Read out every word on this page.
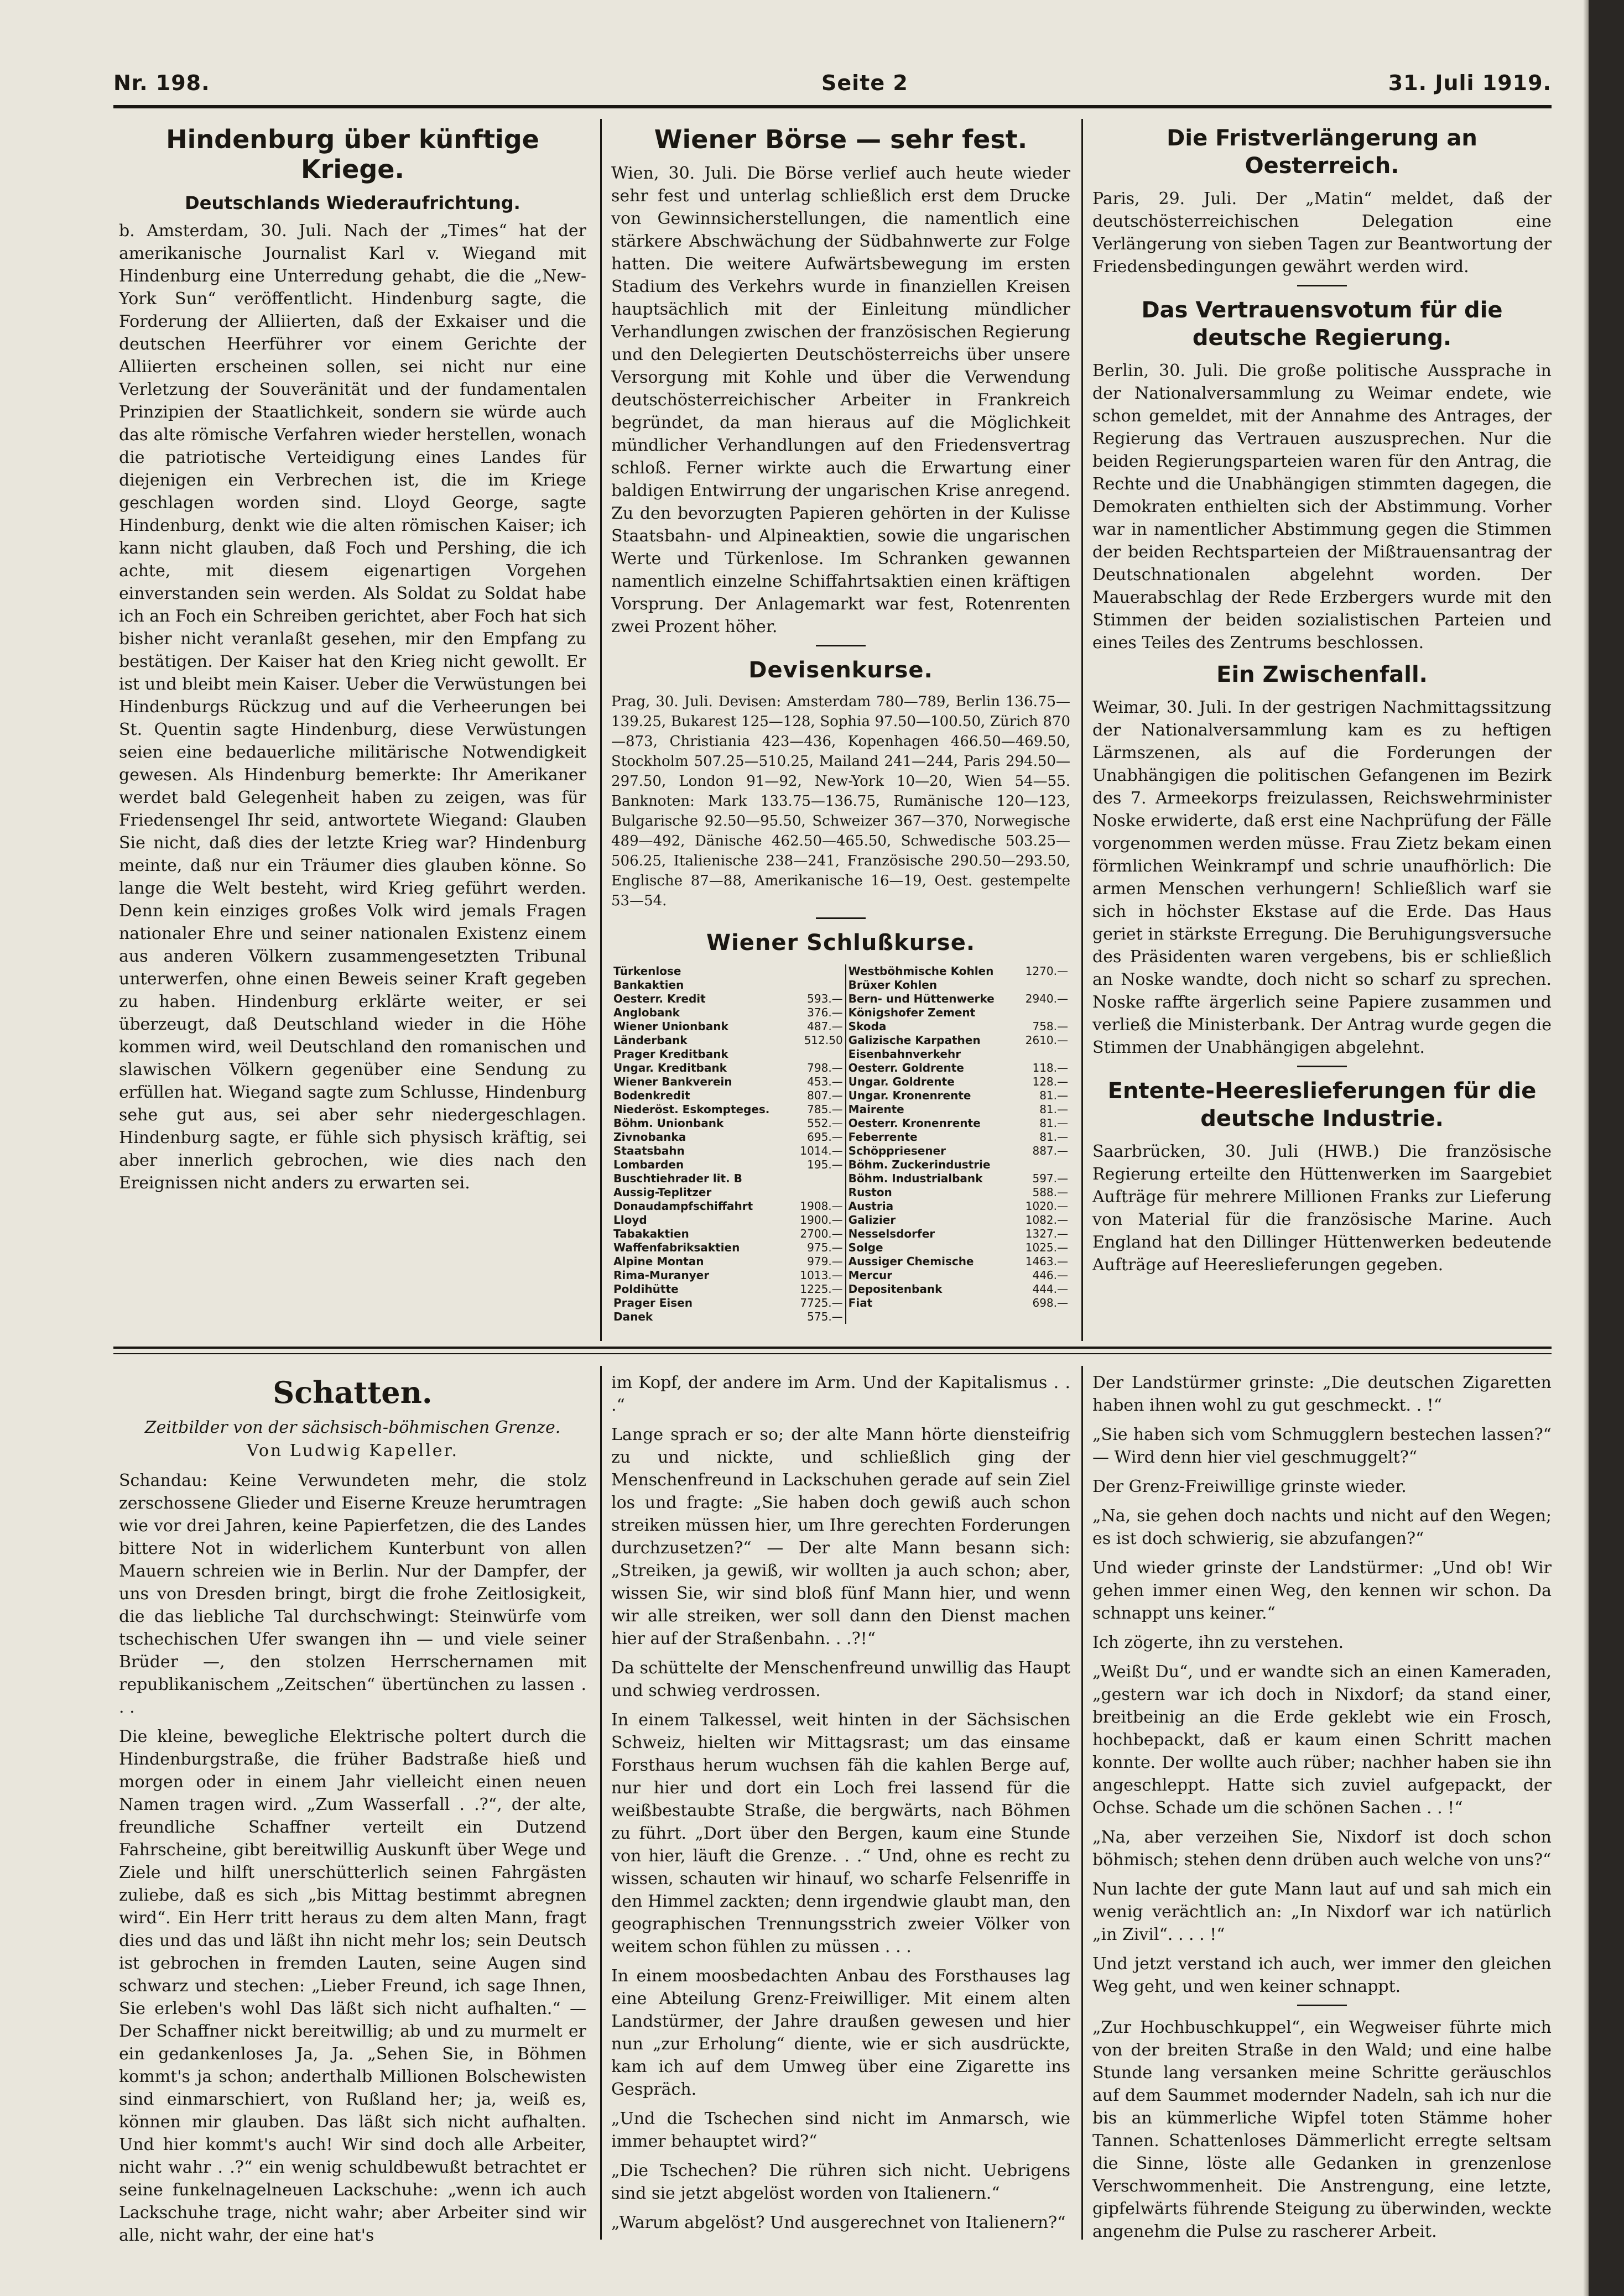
Nr. 198.	Seite 2	31. Juli 1919.
Hindenburg über künftige Kriege.
Deutschlands Wiederaufrichtung.

b. Amsterdam, 30. Juli. Nach der „Times“ hat der amerikanische Journalist Karl v. Wiegand mit Hindenburg eine Unterredung gehabt, die die „New-York Sun“ veröffentlicht. Hindenburg sagte, die Forderung der Alliierten, daß der Exkaiser und die deutschen Heerführer vor einem Gerichte der Alliierten erscheinen sollen, sei nicht nur eine Verletzung der Souveränität und der fundamentalen Prinzipien der Staatlichkeit, sondern sie würde auch das alte römische Verfahren wieder herstellen, wonach die patriotische Verteidigung eines Landes für diejenigen ein Verbrechen ist, die im Kriege geschlagen worden sind. Lloyd George, sagte Hindenburg, denkt wie die alten römischen Kaiser; ich kann nicht glauben, daß Foch und Pershing, die ich achte, mit diesem eigenartigen Vorgehen einverstanden sein werden. Als Soldat zu Soldat habe ich an Foch ein Schreiben gerichtet, aber Foch hat sich bisher nicht veranlaßt gesehen, mir den Empfang zu bestätigen. Der Kaiser hat den Krieg nicht gewollt. Er ist und bleibt mein Kaiser. Ueber die Verwüstungen bei Hindenburgs Rückzug und auf die Verheerungen bei St. Quentin sagte Hindenburg, diese Verwüstungen seien eine bedauerliche militärische Notwendigkeit gewesen. Als Hindenburg bemerkte: Ihr Amerikaner werdet bald Gelegenheit haben zu zeigen, was für Friedensengel Ihr seid, antwortete Wiegand: Glauben Sie nicht, daß dies der letzte Krieg war? Hindenburg meinte, daß nur ein Träumer dies glauben könne. So lange die Welt besteht, wird Krieg geführt werden. Denn kein einziges großes Volk wird jemals Fragen nationaler Ehre und seiner nationalen Existenz einem aus anderen Völkern zusammengesetzten Tribunal unterwerfen, ohne einen Beweis seiner Kraft gegeben zu haben. Hindenburg erklärte weiter, er sei überzeugt, daß Deutschland wieder in die Höhe kommen wird, weil Deutschland den romanischen und slawischen Völkern gegenüber eine Sendung zu erfüllen hat. Wiegand sagte zum Schlusse, Hindenburg sehe gut aus, sei aber sehr niedergeschlagen. Hindenburg sagte, er fühle sich physisch kräftig, sei aber innerlich gebrochen, wie dies nach den Ereignissen nicht anders zu erwarten sei.

Wiener Börse — sehr fest.

Wien, 30. Juli. Die Börse verlief auch heute wieder sehr fest und unterlag schließlich erst dem Drucke von Gewinnsicherstellungen, die namentlich eine stärkere Abschwächung der Südbahnwerte zur Folge hatten. Die weitere Aufwärtsbewegung im ersten Stadium des Verkehrs wurde in finanziellen Kreisen hauptsächlich mit der Einleitung mündlicher Verhandlungen zwischen der französischen Regierung und den Delegierten Deutschösterreichs über unsere Versorgung mit Kohle und über die Verwendung deutschösterreichischer Arbeiter in Frankreich begründet, da man hieraus auf die Möglichkeit mündlicher Verhandlungen auf den Friedensvertrag schloß. Ferner wirkte auch die Erwartung einer baldigen Entwirrung der ungarischen Krise anregend. Zu den bevorzugten Papieren gehörten in der Kulisse Staatsbahn- und Alpineaktien, sowie die ungarischen Werte und Türkenlose. Im Schranken gewannen namentlich einzelne Schiffahrtsaktien einen kräftigen Vorsprung. Der Anlagemarkt war fest, Rotenrenten zwei Prozent höher.

Devisenkurse.

Prag, 30. Juli. Devisen: Amsterdam 780—789, Berlin 136.75—139.25, Bukarest 125—128, Sophia 97.50—100.50, Zürich 870—873, Christiania 423—436, Kopenhagen 466.50—469.50, Stockholm 507.25—510.25, Mailand 241—244, Paris 294.50—297.50, London 91—92, New-York 10—20, Wien 54—55. Banknoten: Mark 133.75—136.75, Rumänische 120—123, Bulgarische 92.50—95.50, Schweizer 367—370, Norwegische 489—492, Dänische 462.50—465.50, Schwedische 503.25—506.25, Italienische 238—241, Französische 290.50—293.50, Englische 87—88, Amerikanische 16—19, Oest. gestempelte 53—54.

Wiener Schlußkurse.
Türkenlose		Westböhmische Kohlen	1270.—
Bankaktien		Brüxer Kohlen	
Oesterr. Kredit	593.—	Bern- und Hüttenwerke	2940.—
Anglobank	376.—	Königshofer Zement	
Wiener Unionbank	487.—	Skoda	758.—
Länderbank	512.50	Galizische Karpathen	2610.—
Prager Kreditbank		Eisenbahnverkehr	
Ungar. Kreditbank	798.—	Oesterr. Goldrente	118.—
Wiener Bankverein	453.—	Ungar. Goldrente	128.—
Bodenkredit	807.—	Ungar. Kronenrente	81.—
Niederöst. Eskompteges.	785.—	Mairente	81.—
Böhm. Unionbank	552.—	Oesterr. Kronenrente	81.—
Zivnobanka	695.—	Feberrente	81.—
Staatsbahn	1014.—	Schöppriesener	887.—
Lombarden	195.—	Böhm. Zuckerindustrie	
Buschtiehrader lit. B		Böhm. Industrialbank	597.—
Aussig-Teplitzer		Ruston	588.—
Donaudampfschiffahrt	1908.—	Austria	1020.—
Lloyd	1900.—	Galizier	1082.—
Tabakaktien	2700.—	Nesselsdorfer	1327.—
Waffenfabriksaktien	975.—	Solge	1025.—
Alpine Montan	979.—	Aussiger Chemische	1463.—
Rima-Muranyer	1013.—	Mercur	446.—
Poldihütte	1225.—	Depositenbank	444.—
Prager Eisen	7725.—	Fiat	698.—
Danek	575.—		
Die Fristverlängerung an Oesterreich.

Paris, 29. Juli. Der „Matin“ meldet, daß der deutschösterreichischen Delegation eine Verlängerung von sieben Tagen zur Beantwortung der Friedensbedingungen gewährt werden wird.

Das Vertrauensvotum für die deutsche Regierung.

Berlin, 30. Juli. Die große politische Aussprache in der Nationalversammlung zu Weimar endete, wie schon gemeldet, mit der Annahme des Antrages, der Regierung das Vertrauen auszusprechen. Nur die beiden Regierungsparteien waren für den Antrag, die Rechte und die Unabhängigen stimmten dagegen, die Demokraten enthielten sich der Abstimmung. Vorher war in namentlicher Abstimmung gegen die Stimmen der beiden Rechtsparteien der Mißtrauensantrag der Deutschnationalen abgelehnt worden. Der Mauerabschlag der Rede Erzbergers wurde mit den Stimmen der beiden sozialistischen Parteien und eines Teiles des Zentrums beschlossen.

Ein Zwischenfall.

Weimar, 30. Juli. In der gestrigen Nachmittagssitzung der Nationalversammlung kam es zu heftigen Lärmszenen, als auf die Forderungen der Unabhängigen die politischen Gefangenen im Bezirk des 7. Armeekorps freizulassen, Reichswehrminister Noske erwiderte, daß erst eine Nachprüfung der Fälle vorgenommen werden müsse. Frau Zietz bekam einen förmlichen Weinkrampf und schrie unaufhörlich: Die armen Menschen verhungern! Schließlich warf sie sich in höchster Ekstase auf die Erde. Das Haus geriet in stärkste Erregung. Die Beruhigungsversuche des Präsidenten waren vergebens, bis er schließlich an Noske wandte, doch nicht so scharf zu sprechen. Noske raffte ärgerlich seine Papiere zusammen und verließ die Ministerbank. Der Antrag wurde gegen die Stimmen der Unabhängigen abgelehnt.

Entente-Heereslieferungen für die deutsche Industrie.

Saarbrücken, 30. Juli (HWB.) Die französische Regierung erteilte den Hüttenwerken im Saargebiet Aufträge für mehrere Millionen Franks zur Lieferung von Material für die französische Marine. Auch England hat den Dillinger Hüttenwerken bedeutende Aufträge auf Heereslieferungen gegeben.

Schatten.

Zeitbilder von der sächsisch-böhmischen Grenze.

Von Ludwig Kapeller.

Schandau: Keine Verwundeten mehr, die stolz zerschossene Glieder und Eiserne Kreuze herumtragen wie vor drei Jahren, keine Papierfetzen, die des Landes bittere Not in widerlichem Kunterbunt von allen Mauern schreien wie in Berlin. Nur der Dampfer, der uns von Dresden bringt, birgt die frohe Zeitlosigkeit, die das liebliche Tal durchschwingt: Steinwürfe vom tschechischen Ufer swangen ihn — und viele seiner Brüder —, den stolzen Herrschernamen mit republikanischem „Zeitschen“ übertünchen zu lassen . . .

Die kleine, bewegliche Elektrische poltert durch die Hindenburgstraße, die früher Badstraße hieß und morgen oder in einem Jahr vielleicht einen neuen Namen tragen wird. „Zum Wasserfall . .?“, der alte, freundliche Schaffner verteilt ein Dutzend Fahrscheine, gibt bereitwillig Auskunft über Wege und Ziele und hilft unerschütterlich seinen Fahrgästen zuliebe, daß es sich „bis Mittag bestimmt abregnen wird“. Ein Herr tritt heraus zu dem alten Mann, fragt dies und das und läßt ihn nicht mehr los; sein Deutsch ist gebrochen in fremden Lauten, seine Augen sind schwarz und stechen: „Lieber Freund, ich sage Ihnen, Sie erleben's wohl Das läßt sich nicht aufhalten.“ — Der Schaffner nickt bereitwillig; ab und zu murmelt er ein gedankenloses Ja, Ja. „Sehen Sie, in Böhmen kommt's ja schon; anderthalb Millionen Bolschewisten sind einmarschiert, von Rußland her; ja, weiß es, können mir glauben. Das läßt sich nicht aufhalten. Und hier kommt's auch! Wir sind doch alle Arbeiter, nicht wahr . .?“ ein wenig schuldbewußt betrachtet er seine funkelnagelneuen Lackschuhe: „wenn ich auch Lackschuhe trage, nicht wahr; aber Arbeiter sind wir alle, nicht wahr, der eine hat's

im Kopf, der andere im Arm. Und der Kapitalismus . . .“

Lange sprach er so; der alte Mann hörte diensteifrig zu und nickte, und schließlich ging der Menschenfreund in Lackschuhen gerade auf sein Ziel los und fragte: „Sie haben doch gewiß auch schon streiken müssen hier, um Ihre gerechten Forderungen durchzusetzen?“ — Der alte Mann besann sich: „Streiken, ja gewiß, wir wollten ja auch schon; aber, wissen Sie, wir sind bloß fünf Mann hier, und wenn wir alle streiken, wer soll dann den Dienst machen hier auf der Straßenbahn. . .?!“

Da schüttelte der Menschenfreund unwillig das Haupt und schwieg verdrossen.

In einem Talkessel, weit hinten in der Sächsischen Schweiz, hielten wir Mittagsrast; um das einsame Forsthaus herum wuchsen fäh die kahlen Berge auf, nur hier und dort ein Loch frei lassend für die weißbestaubte Straße, die bergwärts, nach Böhmen zu führt. „Dort über den Bergen, kaum eine Stunde von hier, läuft die Grenze. . .“ Und, ohne es recht zu wissen, schauten wir hinauf, wo scharfe Felsenriffe in den Himmel zackten; denn irgendwie glaubt man, den geographischen Trennungsstrich zweier Völker von weitem schon fühlen zu müssen . . .

In einem moosbedachten Anbau des Forsthauses lag eine Abteilung Grenz-Freiwilliger. Mit einem alten Landstürmer, der Jahre draußen gewesen und hier nun „zur Erholung“ diente, wie er sich ausdrückte, kam ich auf dem Umweg über eine Zigarette ins Gespräch.

„Und die Tschechen sind nicht im Anmarsch, wie immer behauptet wird?“

„Die Tschechen? Die rühren sich nicht. Uebrigens sind sie jetzt abgelöst worden von Italienern.“

„Warum abgelöst? Und ausgerechnet von Italienern?“

Der Landstürmer grinste: „Die deutschen Zigaretten haben ihnen wohl zu gut geschmeckt. . !“

„Sie haben sich vom Schmugglern bestechen lassen?“ — Wird denn hier viel geschmuggelt?“

Der Grenz-Freiwillige grinste wieder.

„Na, sie gehen doch nachts und nicht auf den Wegen; es ist doch schwierig, sie abzufangen?“

Und wieder grinste der Landstürmer: „Und ob! Wir gehen immer einen Weg, den kennen wir schon. Da schnappt uns keiner.“

Ich zögerte, ihn zu verstehen.

„Weißt Du“, und er wandte sich an einen Kameraden, „gestern war ich doch in Nixdorf; da stand einer, breitbeinig an die Erde geklebt wie ein Frosch, hochbepackt, daß er kaum einen Schritt machen konnte. Der wollte auch rüber; nachher haben sie ihn angeschleppt. Hatte sich zuviel aufgepackt, der Ochse. Schade um die schönen Sachen . . !“

„Na, aber verzeihen Sie, Nixdorf ist doch schon böhmisch; stehen denn drüben auch welche von uns?“

Nun lachte der gute Mann laut auf und sah mich ein wenig verächtlich an: „In Nixdorf war ich natürlich „in Zivil“. . . . !“

Und jetzt verstand ich auch, wer immer den gleichen Weg geht, und wen keiner schnappt.

„Zur Hochbuschkuppel“, ein Wegweiser führte mich von der breiten Straße in den Wald; und eine halbe Stunde lang versanken meine Schritte geräuschlos auf dem Saummet modernder Nadeln, sah ich nur die bis an kümmerliche Wipfel toten Stämme hoher Tannen. Schattenloses Dämmerlicht erregte seltsam die Sinne, löste alle Gedanken in grenzenlose Verschwommenheit. Die Anstrengung, eine letzte, gipfelwärts führende Steigung zu überwinden, weckte angenehm die Pulse zu rascherer Arbeit.
